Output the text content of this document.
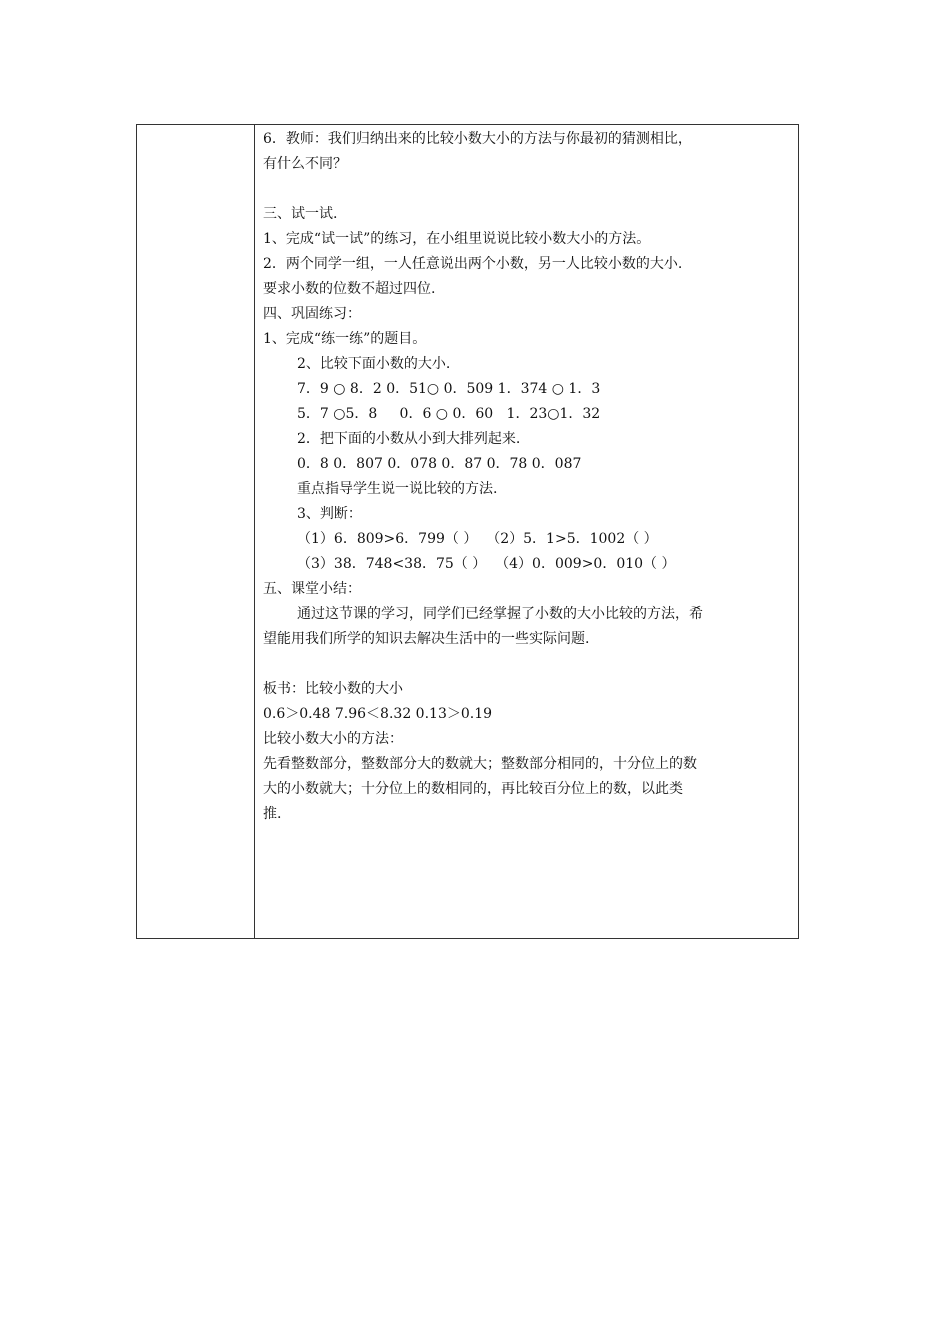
6．教师：我们归纳出来的比较小数大小的方法与你最初的猜测相比，
有什么不同？
三、试一试.
1、完成“试一试”的练习，在小组里说说比较小数大小的方法。
2．两个同学一组，一人任意说出两个小数，另一人比较小数的大小.
要求小数的位数不超过四位.
四、巩固练习：
1、完成“练一练”的题目。
2、比较下面小数的大小.
7．9 ○ 8．2 0．51○ 0．509 1．374 ○ 1．3
5．7 ○5．8     0．6 ○ 0．60   1．23○1．32
2．把下面的小数从小到大排列起来.
0．8 0．807 0．078 0．87 0．78 0．087
重点指导学生说一说比较的方法.
3、判断：
（1）6．809>6．799（ ）  （2）5．1>5．1002（ ）
（3）38．748<38．75（ ）  （4）0．009>0．010（ ）
五、课堂小结：
通过这节课的学习，同学们已经掌握了小数的大小比较的方法，希
望能用我们所学的知识去解决生活中的一些实际问题.
板书：比较小数的大小
0.6＞0.48 7.96＜8.32 0.13＞0.19
比较小数大小的方法：
先看整数部分，整数部分大的数就大；整数部分相同的，十分位上的数
大的小数就大；十分位上的数相同的，再比较百分位上的数，以此类
推.
